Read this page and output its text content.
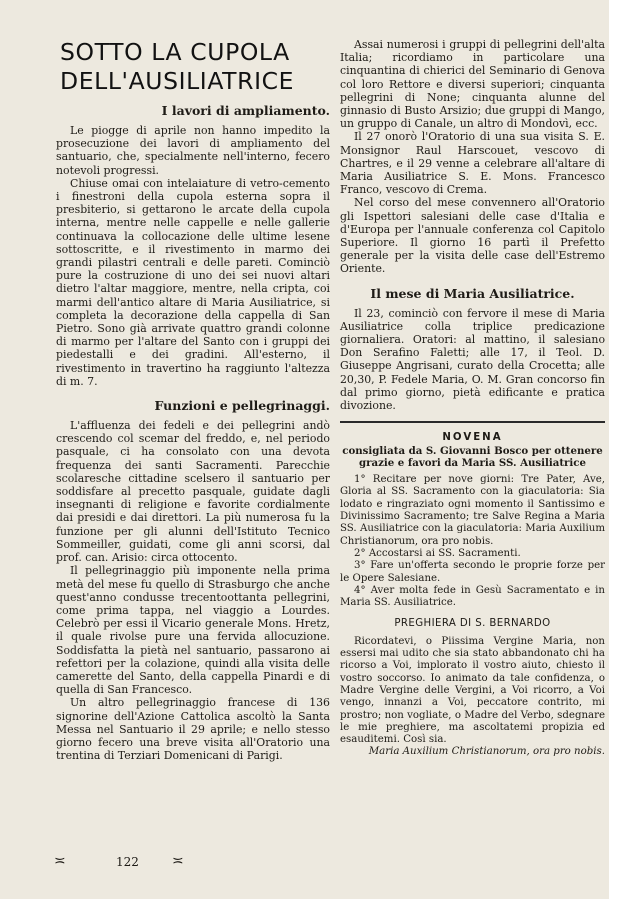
SOTTO LA CUPOLA
DELL'AUSILIATRICE
I lavori di ampliamento.

Le piogge di aprile non hanno impedito la prosecuzione dei lavori di ampliamento del santuario, che, specialmente nell'interno, fecero notevoli progressi.

Chiuse omai con intelaiature di vetro-cemento i finestroni della cupola esterna sopra il presbiterio, si gettarono le arcate della cupola interna, mentre nelle cappelle e nelle gallerie continuava la collocazione delle ultime lesene sottoscritte, e il rivestimento in marmo dei grandi pilastri centrali e delle pareti. Cominciò pure la costruzione di uno dei sei nuovi altari dietro l'altar maggiore, mentre, nella cripta, coi marmi dell'antico altare di Maria Ausiliatrice, si completa la decorazione della cappella di San Pietro. Sono già arrivate quattro grandi colonne di marmo per l'altare del Santo con i gruppi dei piedestalli e dei gradini. All'esterno, il rivestimento in travertino ha raggiunto l'altezza di m. 7.

Funzioni e pellegrinaggi.

L'affluenza dei fedeli e dei pellegrini andò crescendo col scemar del freddo, e, nel periodo pasquale, ci ha consolato con una devota frequenza dei santi Sacramenti. Parecchie scolaresche cittadine scelsero il santuario per soddisfare al precetto pasquale, guidate dagli insegnanti di religione e favorite cordialmente dai presidi e dai direttori. La più numerosa fu la funzione per gli alunni dell'Istituto Tecnico Sommeiller, guidati, come gli anni scorsi, dal prof. can. Arisio: circa ottocento.

Il pellegrinaggio più imponente nella prima metà del mese fu quello di Strasburgo che anche quest'anno condusse trecentoottanta pellegrini, come prima tappa, nel viaggio a Lourdes. Celebrò per essi il Vicario generale Mons. Hretz, il quale rivolse pure una fervida allocuzione. Soddisfatta la pietà nel santuario, passarono ai refettori per la colazione, quindi alla visita delle camerette del Santo, della cappella Pinardi e di quella di San Francesco.

Un altro pellegrinaggio francese di 136 signorine dell'Azione Cattolica ascoltò la Santa Messa nel Santuario il 29 aprile; e nello stesso giorno fecero una breve visita all'Oratorio una trentina di Terziari Domenicani di Parigi.

Assai numerosi i gruppi di pellegrini dell'alta Italia; ricordiamo in particolare una cinquantina di chierici del Seminario di Genova col loro Rettore e diversi superiori; cinquanta pellegrini di None; cinquanta alunne del ginnasio di Busto Arsizio; due gruppi di Mango, un gruppo di Canale, un altro di Mondovì, ecc.

Il 27 onorò l'Oratorio di una sua visita S. E. Monsignor Raul Harscouet, vescovo di Chartres, e il 29 venne a celebrare all'altare di Maria Ausiliatrice S. E. Mons. Francesco Franco, vescovo di Crema.

Nel corso del mese convennero all'Oratorio gli Ispettori salesiani delle case d'Italia e d'Europa per l'annuale conferenza col Capitolo Superiore. Il giorno 16 partì il Prefetto generale per la visita delle case dell'Estremo Oriente.

Il mese di Maria Ausiliatrice.

Il 23, cominciò con fervore il mese di Maria Ausiliatrice colla triplice predicazione giornaliera. Oratori: al mattino, il salesiano Don Serafino Faletti; alle 17, il Teol. D. Giuseppe Angrisani, curato della Crocetta; alle 20,30, P. Fedele Maria, O. M. Gran concorso fin dal primo giorno, pietà edificante e pratica divozione.

NOVENA

consigliata da S. Giovanni Bosco per ottenere

grazie e favori da Maria SS. Ausiliatrice

1° Recitare per nove giorni: Tre Pater, Ave, Gloria al SS. Sacramento con la giaculatoria: Sia lodato e ringraziato ogni momento il Santissimo e Divinissimo Sacramento; tre Salve Regina a Maria SS. Ausiliatrice con la giaculatoria: Maria Auxilium Christianorum, ora pro nobis.

2° Accostarsi ai SS. Sacramenti.

3° Fare un'offerta secondo le proprie forze per le Opere Salesiane.

4° Aver molta fede in Gesù Sacramentato e in Maria SS. Ausiliatrice.

PREGHIERA DI S. BERNARDO

Ricordatevi, o Piissima Vergine Maria, non essersi mai udito che sia stato abbandonato chi ha ricorso a Voi, implorato il vostro aiuto, chiesto il vostro soccorso. Io animato da tale confidenza, o Madre Vergine delle Vergini, a Voi ricorro, a Voi vengo, innanzi a Voi, peccatore contrito, mi prostro; non vogliate, o Madre del Verbo, sdegnare le mie preghiere, ma ascoltatemi propizia ed esauditemi. Così sia.

Maria Auxilium Christianorum, ora pro nobis.

≍	122 ≍
